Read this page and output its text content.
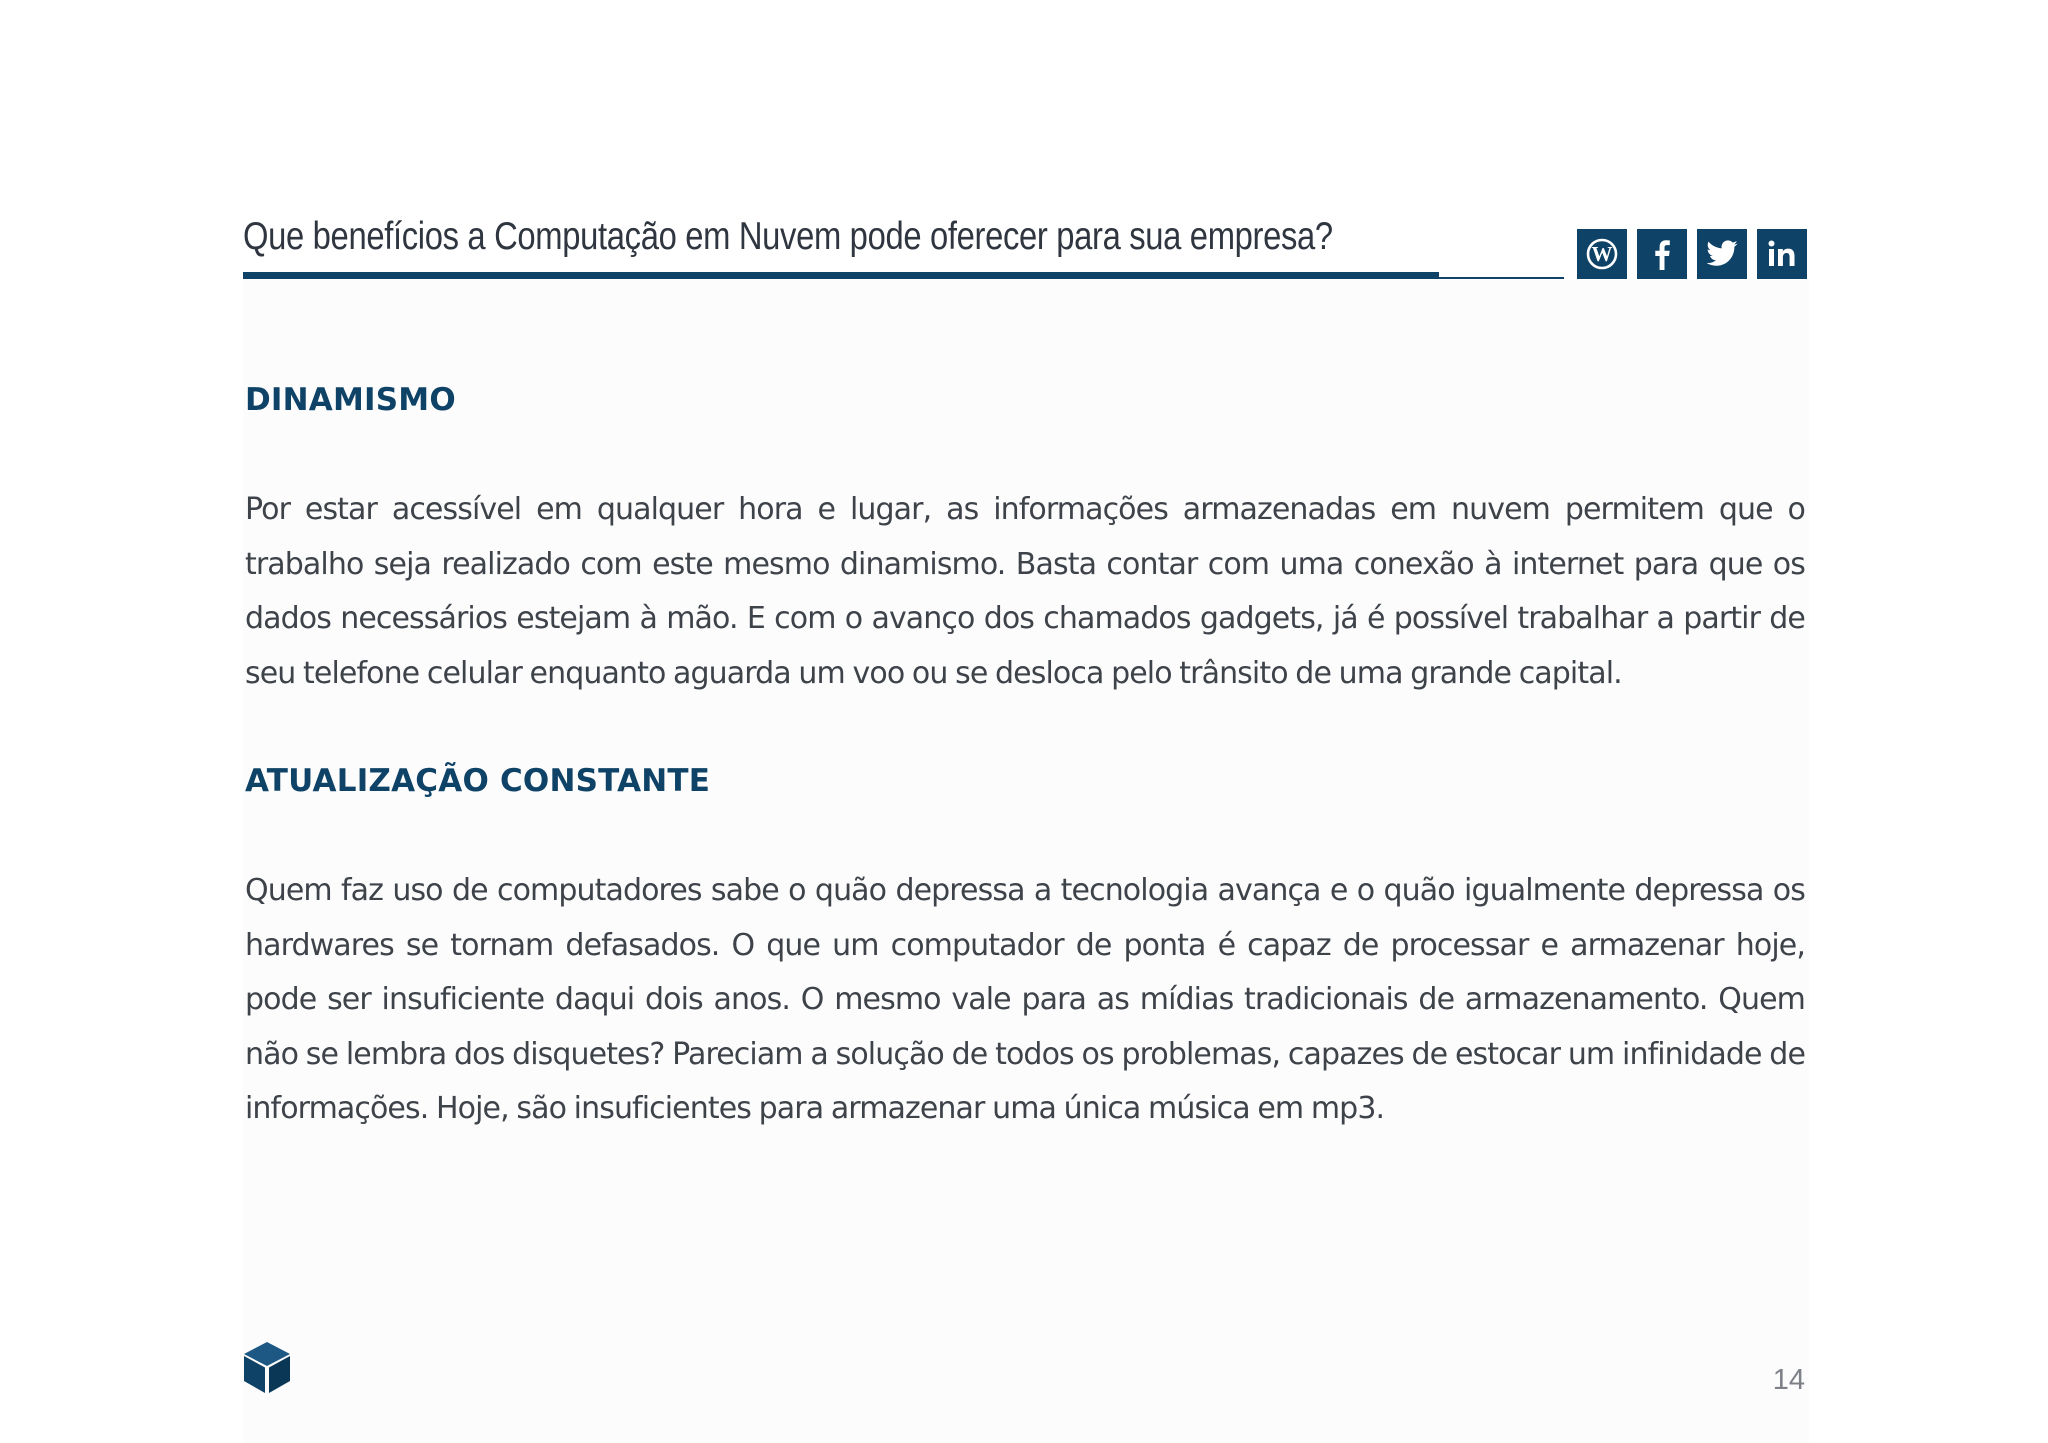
Que benefícios a Computação em Nuvem pode oferecer para sua empresa?	W
DINAMISMO

Por estar acessível em qualquer hora e lugar, as informações armazenadas em nuvem permitem que o trabalho seja realizado com este mesmo dinamismo. Basta contar com uma conexão à internet para que os dados necessários estejam à mão. E com o avanço dos chamados gadgets, já é possível trabalhar a partir de seu telefone celular enquanto aguarda um voo ou se desloca pelo trânsito de uma grande capital.

ATUALIZAÇÃO CONSTANTE

Quem faz uso de computadores sabe o quão depressa a tecnologia avança e o quão igualmente depressa os hardwares se tornam defasados. O que um computador de ponta é capaz de processar e armazenar hoje, pode ser insuficiente daqui dois anos. O mesmo vale para as mídias tradicionais de armazenamento. Quem não se lembra dos disquetes? Pareciam a solução de todos os problemas, capazes de estocar um infinidade de informações. Hoje, são insuficientes para armazenar uma única música em mp3.

14
